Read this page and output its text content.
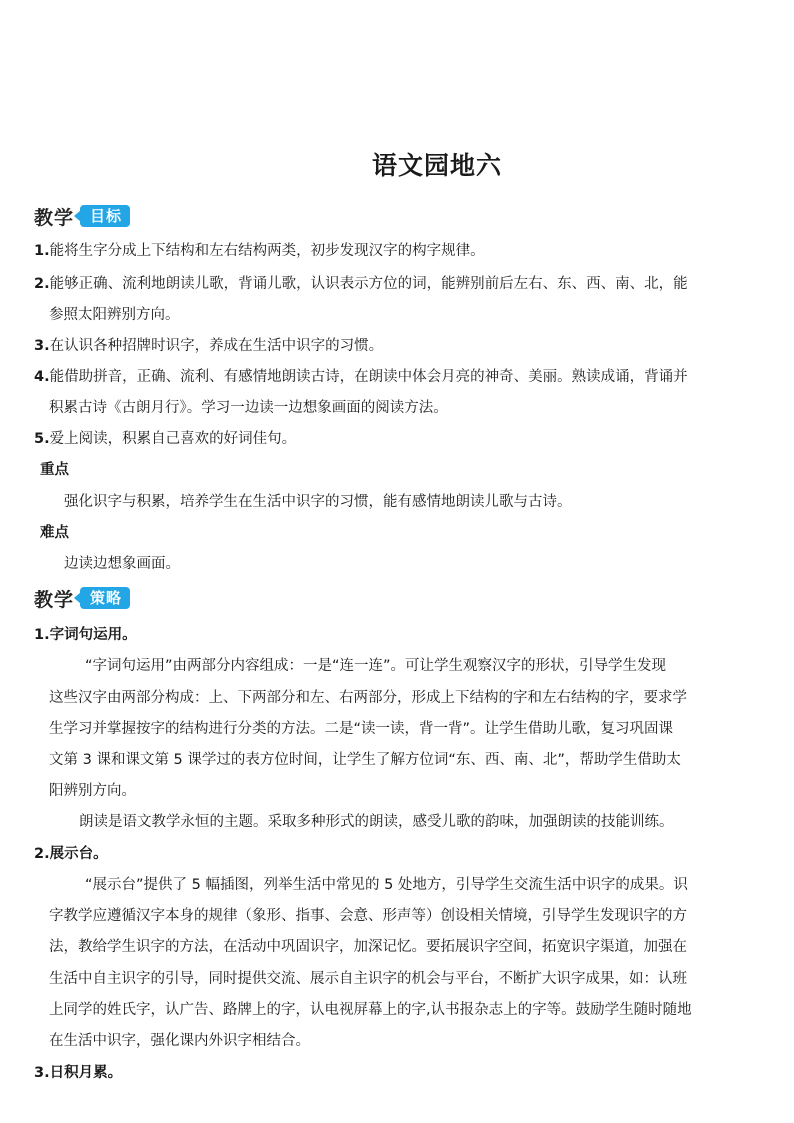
语文园地六
教学	目标
1.能将生字分成上下结构和左右结构两类，初步发现汉字的构字规律。
2.能够正确、流利地朗读儿歌，背诵儿歌，认识表示方位的词，能辨别前后左右、东、西、南、北，能
参照太阳辨别方向。
3.在认识各种招牌时识字，养成在生活中识字的习惯。
4.能借助拼音，正确、流利、有感情地朗读古诗，在朗读中体会月亮的神奇、美丽。熟读成诵，背诵并
积累古诗《古朗月行》。学习一边读一边想象画面的阅读方法。
5.爱上阅读，积累自己喜欢的好词佳句。
重点
强化识字与积累，培养学生在生活中识字的习惯，能有感情地朗读儿歌与古诗。
难点
边读边想象画面。
教学	策略
1.字词句运用。
“字词句运用”由两部分内容组成：一是“连一连”。可让学生观察汉字的形状，引导学生发现
这些汉字由两部分构成：上、下两部分和左、右两部分，形成上下结构的字和左右结构的字，要求学
生学习并掌握按字的结构进行分类的方法。二是“读一读，背一背”。让学生借助儿歌，复习巩固课
文第 3 课和课文第 5 课学过的表方位时间，让学生了解方位词“东、西、南、北”，帮助学生借助太
阳辨别方向。
朗读是语文教学永恒的主题。采取多种形式的朗读，感受儿歌的韵味，加强朗读的技能训练。
2.展示台。
“展示台”提供了 5 幅插图，列举生活中常见的 5 处地方，引导学生交流生活中识字的成果。识
字教学应遵循汉字本身的规律（象形、指事、会意、形声等）创设相关情境，引导学生发现识字的方
法，教给学生识字的方法，在活动中巩固识字，加深记忆。要拓展识字空间，拓宽识字渠道，加强在
生活中自主识字的引导，同时提供交流、展示自主识字的机会与平台，不断扩大识字成果，如：认班
上同学的姓氏字，认广告、路牌上的字，认电视屏幕上的字,认书报杂志上的字等。鼓励学生随时随地
在生活中识字，强化课内外识字相结合。
3.日积月累。
